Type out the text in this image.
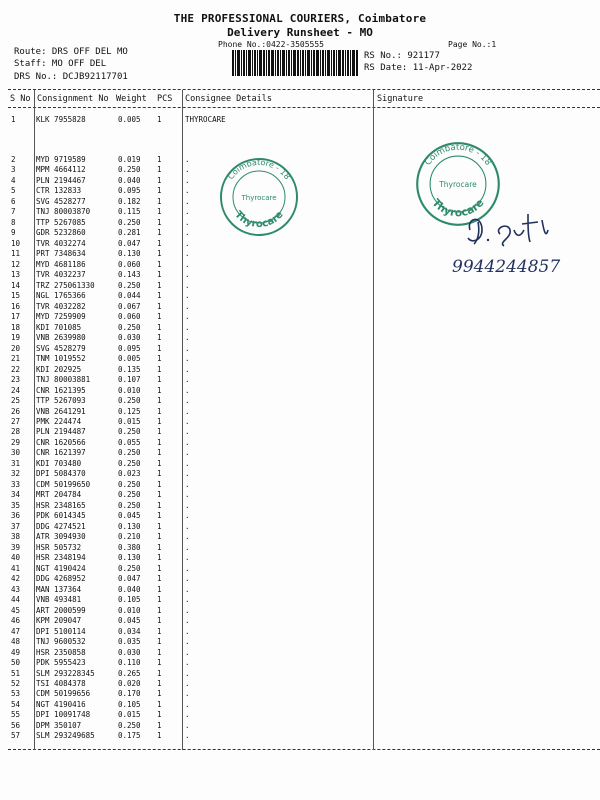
THE PROFESSIONAL COURIERS, Coimbatore
Delivery Runsheet - MO
Phone No.:0422-3505555	Page No.:1
Route: DRS OFF DEL MO
Staff: MO OFF DEL
DRS No.: DCJB92117701
RS No.: 921177
RS Date: 11-Apr-2022
S No Consignment No Weight PCS Consignee Details	Signature
1	KLK 7955828	0.005 1	THYROCARE
2	MYD 9719589	0.019 1	.
3	MPM 4664112	0.250 1	.
4	PLN 2194467	0.040 1	.
5	CTR 132833	0.095 1	.
6	SVG 4528277	0.182 1	.
7	TNJ 80003870	0.115 1	.
8	TTP 5267085	0.250 1	.
9	GDR 5232860	0.281 1	.
10 TVR 4032274	0.047 1	.
11 PRT 7348634	0.130 1	.
12 MYD 4681186	0.060 1	.
13 TVR 4032237	0.143 1	.
14 TRZ 275061330	0.250 1	.
15 NGL 1765366	0.044 1	.
16 TVR 4032282	0.067 1	.
17 MYD 7259909	0.060 1	.
18 KDI 701085	0.250 1	.
19 VNB 2639980	0.030 1	.
20 SVG 4528279	0.095 1	.
21 TNM 1019552	0.005 1	.
22 KDI 202925	0.135 1	.
23 TNJ 80003881	0.107 1	.
24 CNR 1621395	0.010 1	.
25 TTP 5267093	0.250 1	.
26 VNB 2641291	0.125 1	.
27 PMK 224474	0.015 1	.
28 PLN 2194487	0.250 1	.
29 CNR 1620566	0.055 1	.
30 CNR 1621397	0.250 1	.
31 KDI 703480	0.250 1	.
32 DPI 5084370	0.023 1	.
33 CDM 50199650	0.250 1	.
34 MRT 204784	0.250 1	.
35 HSR 2348165	0.250 1	.
36 PDK 6014345	0.045 1	.
37 DDG 4274521	0.130 1	.
38 ATR 3094930	0.210 1	.
39 HSR 505732	0.380 1	.
40 HSR 2348194	0.130 1	.
41 NGT 4190424	0.250 1	.
42 DDG 4268952	0.047 1	.
43 MAN 137364	0.040 1	.
44 VNB 493481	0.105 1	.
45 ART 2000599	0.010 1	.
46 KPM 209047	0.045 1	.
47 DPI 5100114	0.034 1	.
48 TNJ 9600532	0.035 1	.
49 HSR 2350858	0.030 1	.
50 PDK 5955423	0.110 1	.
51 SLM 293228345	0.265 1	.
52 TSI 4084378	0.020 1	.
53 CDM 50199656	0.170 1	.
54 NGT 4190416	0.105 1	.
55 DPI 10091748	0.015 1	.
56 DPM 350107	0.250 1	.
57 SLM 293249685	0.175 1	.
Coimbatore - 18
Thyrocare
Thyrocare
Coimbatore - 18
Thyrocare
Thyrocare
9944244857
